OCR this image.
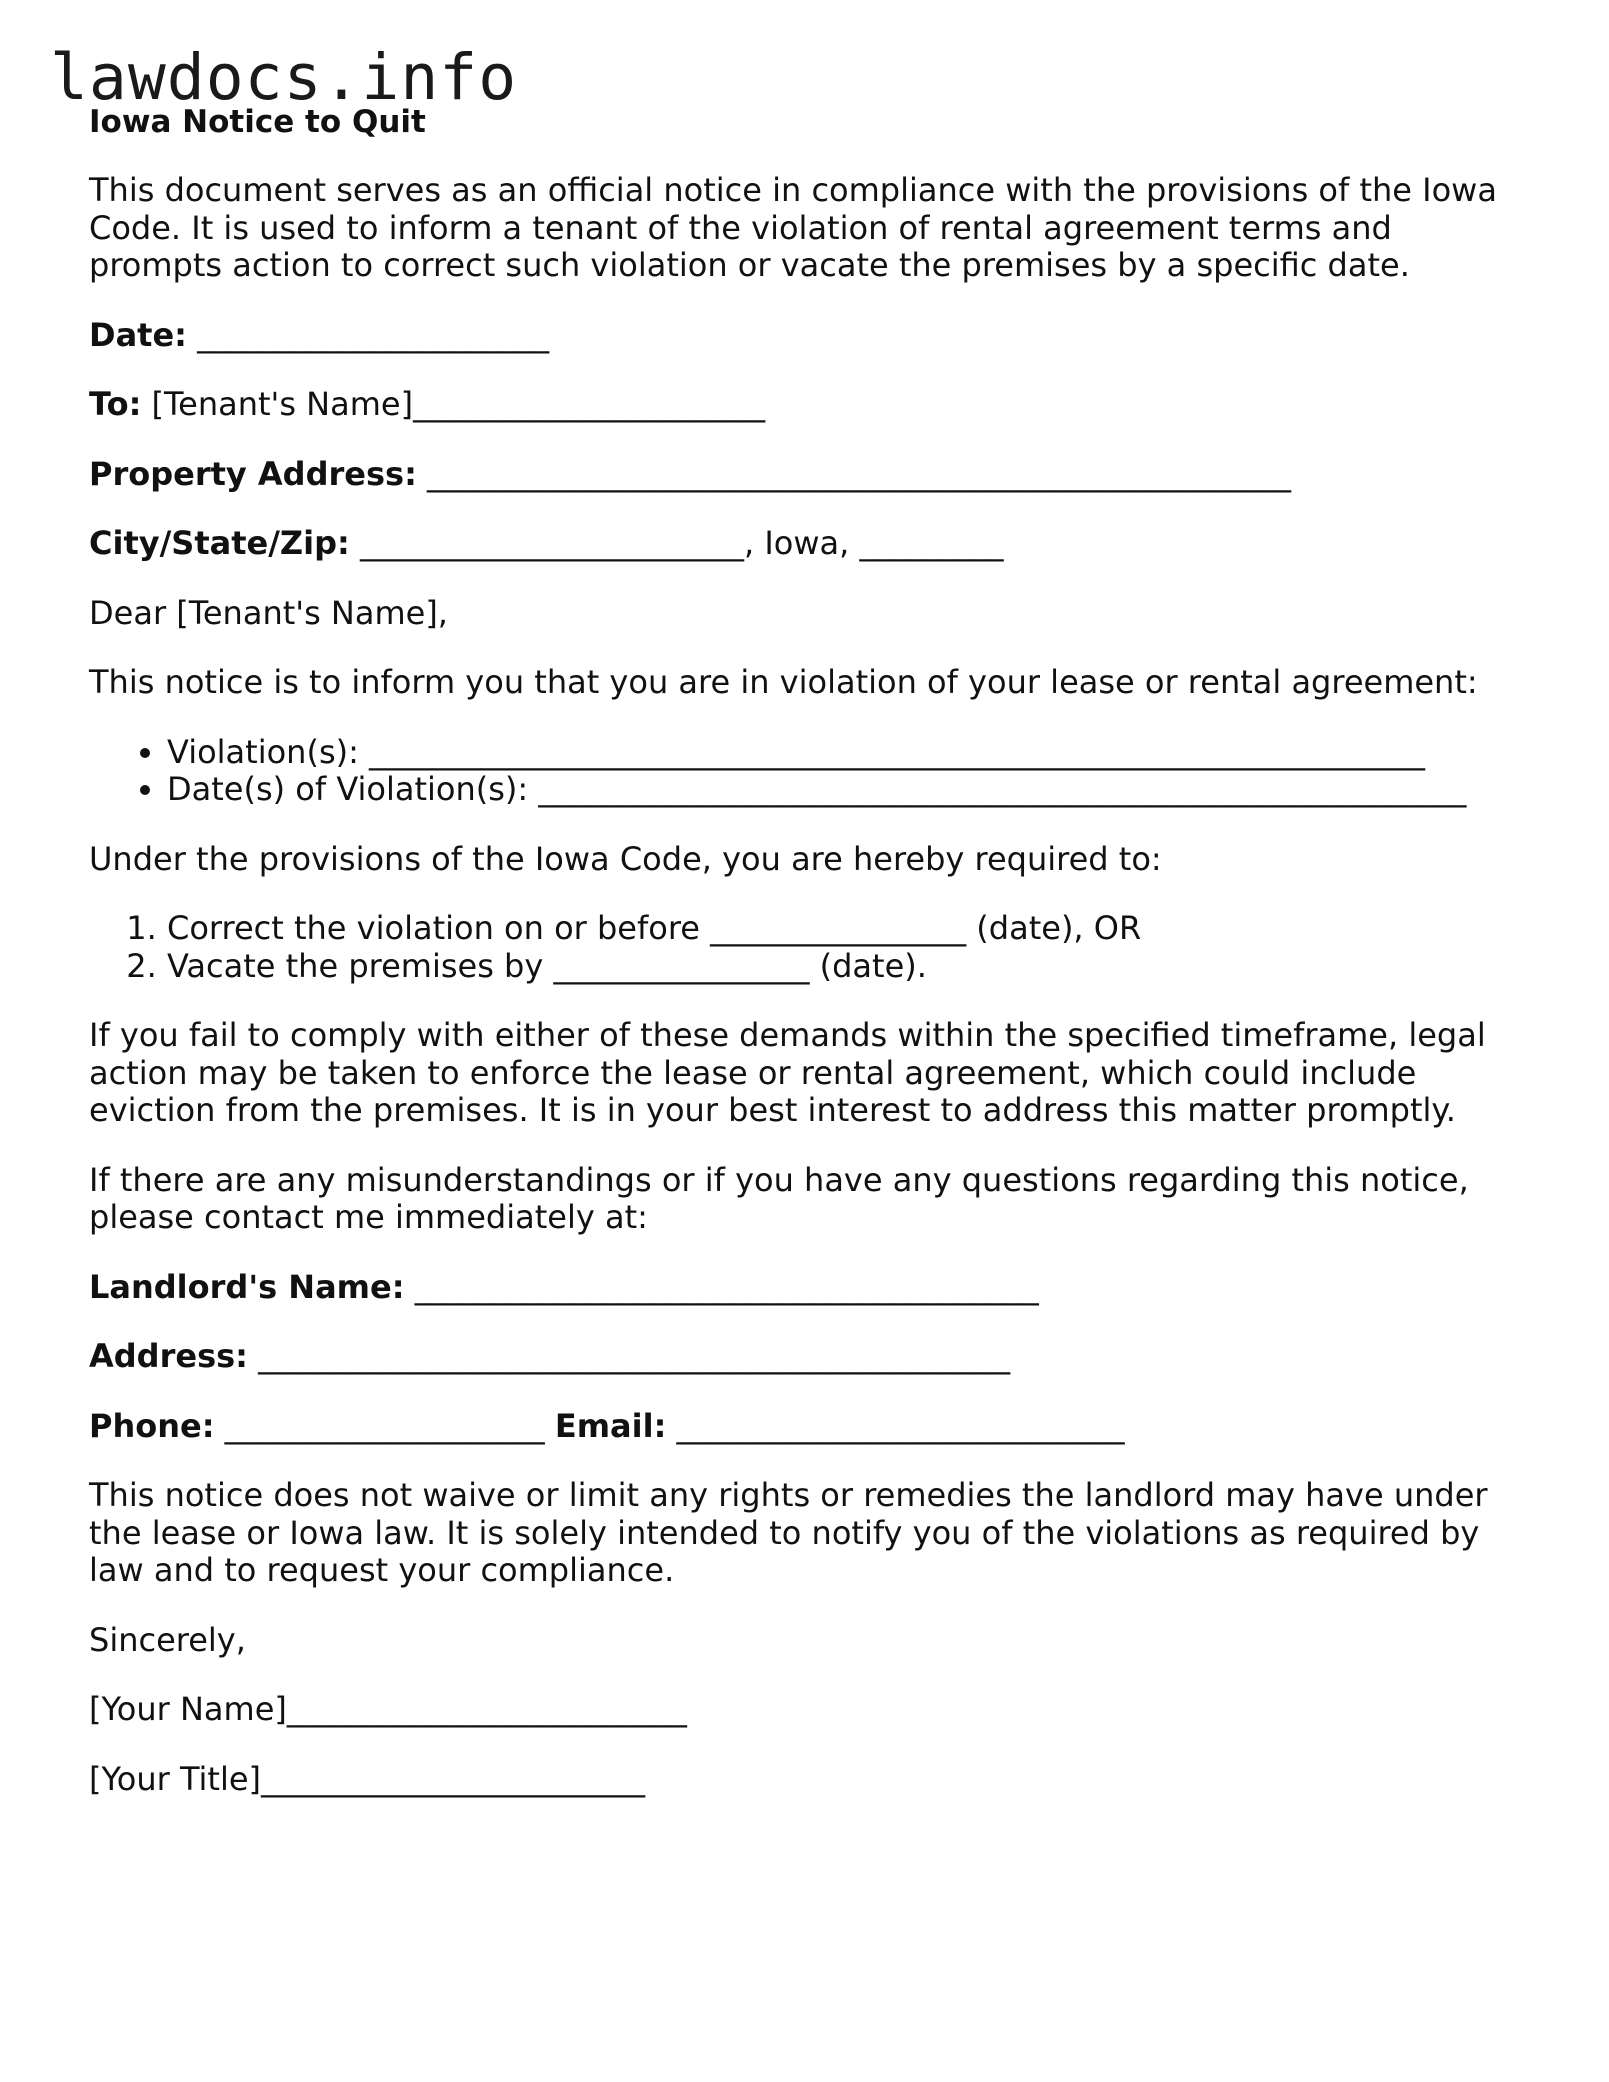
lawdocs.info
Iowa Notice to Quit

This document serves as an official notice in compliance with the provisions of the Iowa Code. It is used to inform a tenant of the violation of rental agreement terms and prompts action to correct such violation or vacate the premises by a specific date.

Date: ______________________

To: [Tenant's Name]______________________

Property Address: ______________________________________________________

City/State/Zip: ________________________, Iowa, _________

Dear [Tenant's Name],

This notice is to inform you that you are in violation of your lease or rental agreement:

• Violation(s): __________________________________________________________________
• Date(s) of Violation(s): __________________________________________________________

Under the provisions of the Iowa Code, you are hereby required to:

1. Correct the violation on or before ________________ (date), OR
2. Vacate the premises by ________________ (date).

If you fail to comply with either of these demands within the specified timeframe, legal action may be taken to enforce the lease or rental agreement, which could include eviction from the premises. It is in your best interest to address this matter promptly.

If there are any misunderstandings or if you have any questions regarding this notice, please contact me immediately at:

Landlord's Name: _______________________________________

Address: _______________________________________________

Phone: ____________________ Email: ____________________________

This notice does not waive or limit any rights or remedies the landlord may have under the lease or Iowa law. It is solely intended to notify you of the violations as required by law and to request your compliance.

Sincerely,

[Your Name]_________________________

[Your Title]________________________
